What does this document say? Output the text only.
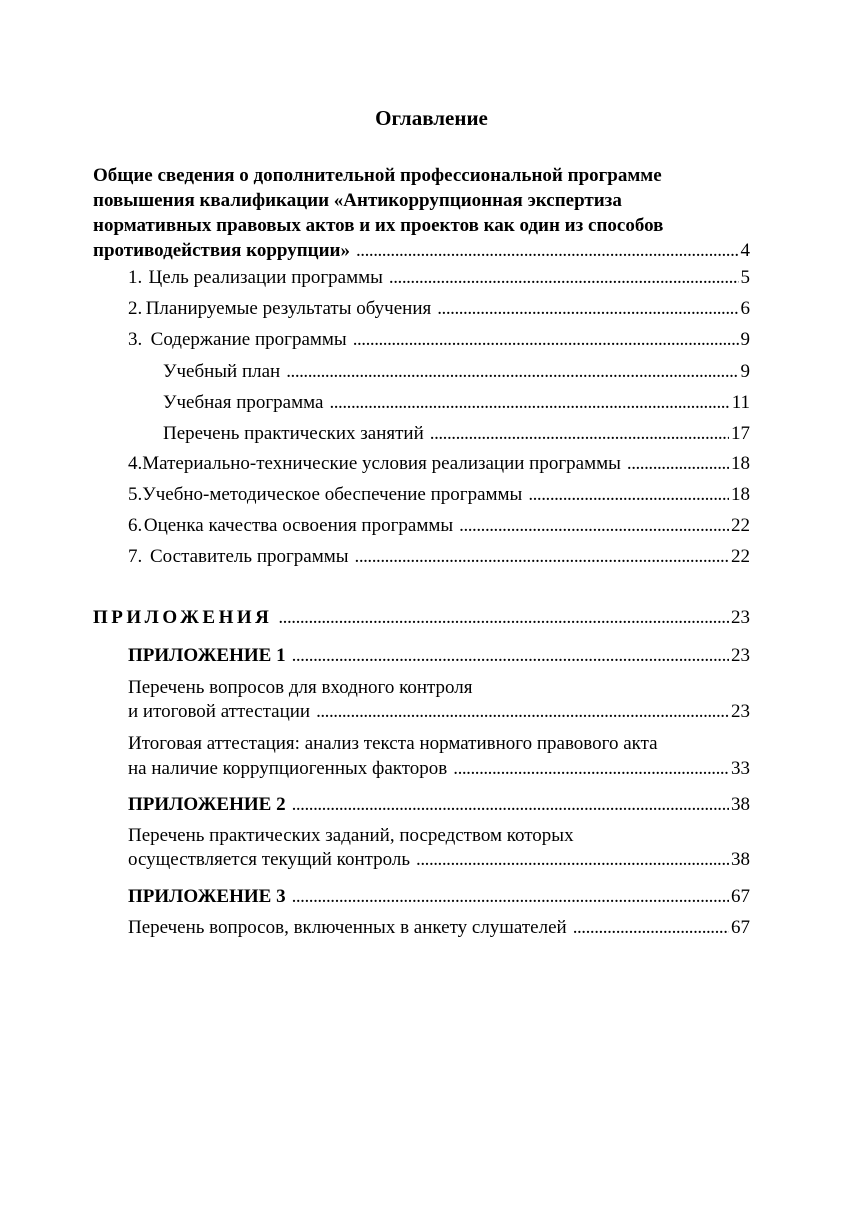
Оглавление
Общие сведения о дополнительной профессиональной программе
повышения квалификации «Антикоррупционная экспертиза
нормативных правовых актов и их проектов как один из способов
противодействия коррупции» . . .	4
1. Цель реализации программы . . .	5
2. Планируемые результаты обучения . . .	6
3. Содержание программы . . .	9
Учебный план . . .	9
Учебная программа . . .	11
Перечень практических занятий . . .	17
4. Материально-технические условия реализации программы . . .	18
5. Учебно-методическое обеспечение программы . . .	18
6. Оценка качества освоения программы . . .	22
7. Составитель программы . . .	22
ПРИЛОЖЕНИЯ . . .	23
ПРИЛОЖЕНИЕ 1 . . .	23
Перечень вопросов для входного контроля
и итоговой аттестации . . .	23
Итоговая аттестация: анализ текста нормативного правового акта
на наличие коррупциогенных факторов . . .	33
ПРИЛОЖЕНИЕ 2 . . .	38
Перечень практических заданий, посредством которых
осуществляется текущий контроль . . .	38
ПРИЛОЖЕНИЕ 3 . . .	67
Перечень вопросов, включенных в анкету слушателей . . .	67
